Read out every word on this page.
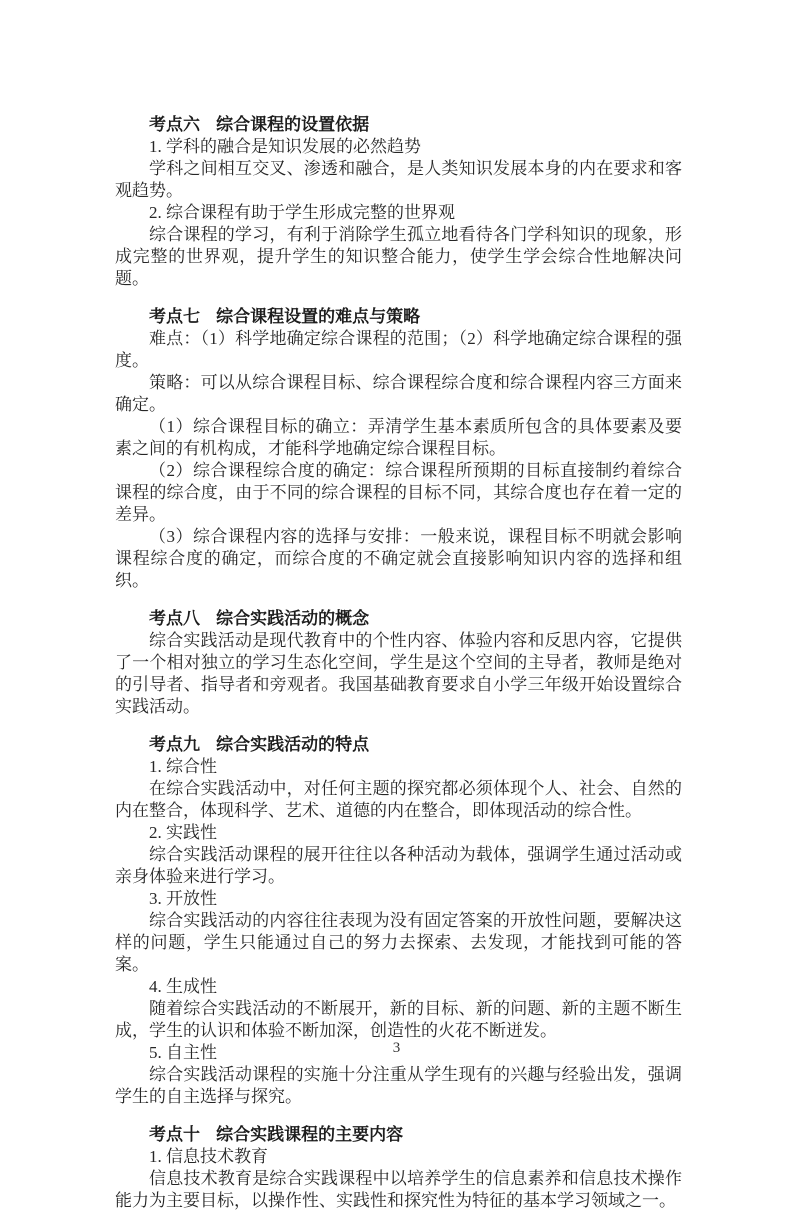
考点六 综合课程的设置依据

1. 学科的融合是知识发展的必然趋势

学科之间相互交叉、渗透和融合，是人类知识发展本身的内在要求和客观趋势。

2. 综合课程有助于学生形成完整的世界观

综合课程的学习，有利于消除学生孤立地看待各门学科知识的现象，形成完整的世界观，提升学生的知识整合能力，使学生学会综合性地解决问题。

考点七 综合课程设置的难点与策略

难点：（1）科学地确定综合课程的范围；（2）科学地确定综合课程的强度。

策略：可以从综合课程目标、综合课程综合度和综合课程内容三方面来确定。

（1）综合课程目标的确立：弄清学生基本素质所包含的具体要素及要素之间的有机构成，才能科学地确定综合课程目标。

（2）综合课程综合度的确定：综合课程所预期的目标直接制约着综合课程的综合度，由于不同的综合课程的目标不同，其综合度也存在着一定的差异。

（3）综合课程内容的选择与安排：一般来说，课程目标不明就会影响课程综合度的确定，而综合度的不确定就会直接影响知识内容的选择和组织。

考点八 综合实践活动的概念

综合实践活动是现代教育中的个性内容、体验内容和反思内容，它提供了一个相对独立的学习生态化空间，学生是这个空间的主导者，教师是绝对的引导者、指导者和旁观者。我国基础教育要求自小学三年级开始设置综合实践活动。

考点九 综合实践活动的特点

1. 综合性

在综合实践活动中，对任何主题的探究都必须体现个人、社会、自然的内在整合，体现科学、艺术、道德的内在整合，即体现活动的综合性。

2. 实践性

综合实践活动课程的展开往往以各种活动为载体，强调学生通过活动或亲身体验来进行学习。

3. 开放性

综合实践活动的内容往往表现为没有固定答案的开放性问题，要解决这样的问题，学生只能通过自己的努力去探索、去发现，才能找到可能的答案。

4. 生成性

随着综合实践活动的不断展开，新的目标、新的问题、新的主题不断生成，学生的认识和体验不断加深，创造性的火花不断迸发。

5. 自主性

综合实践活动课程的实施十分注重从学生现有的兴趣与经验出发，强调学生的自主选择与探究。

考点十 综合实践课程的主要内容

1. 信息技术教育

信息技术教育是综合实践课程中以培养学生的信息素养和信息技术操作能力为主要目标，以操作性、实践性和探究性为特征的基本学习领域之一。

3
